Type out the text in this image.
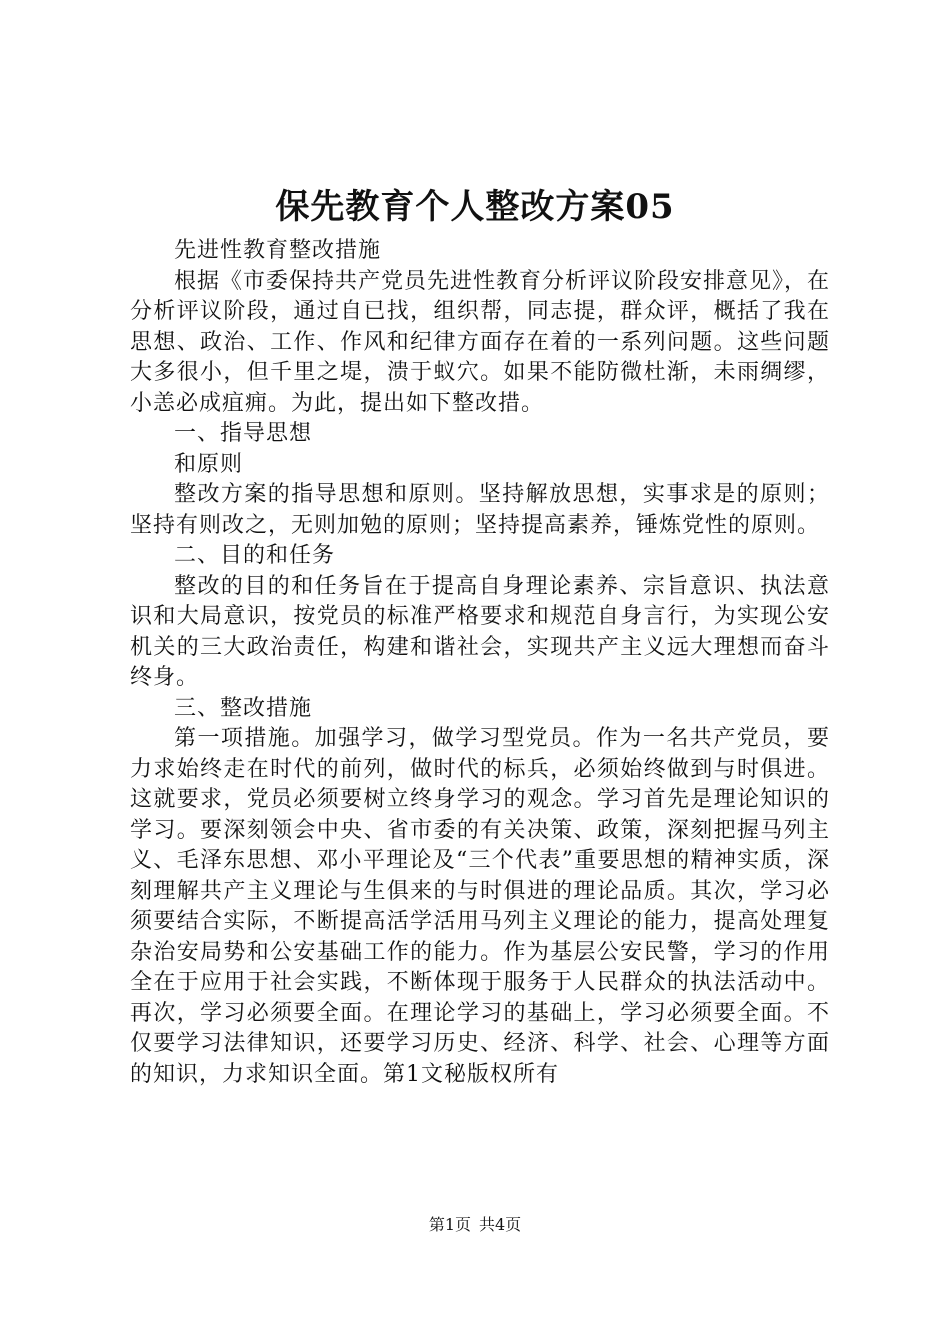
保先教育个人整改方案05

先进性教育整改措施

根据《市委保持共产党员先进性教育分析评议阶段安排意见》，在分析评议阶段，通过自已找，组织帮，同志提，群众评，概括了我在思想、政治、工作、作风和纪律方面存在着的一系列问题。这些问题大多很小，但千里之堤，溃于蚁穴。如果不能防微杜渐，未雨绸缪，小恙必成疽痈。为此，提出如下整改措。

一、指导思想

和原则

整改方案的指导思想和原则。坚持解放思想，实事求是的原则；坚持有则改之，无则加勉的原则；坚持提高素养，锤炼党性的原则。

二、目的和任务

整改的目的和任务旨在于提高自身理论素养、宗旨意识、执法意识和大局意识，按党员的标准严格要求和规范自身言行，为实现公安机关的三大政治责任，构建和谐社会，实现共产主义远大理想而奋斗终身。

三、整改措施

第一项措施。加强学习，做学习型党员。作为一名共产党员，要力求始终走在时代的前列，做时代的标兵，必须始终做到与时俱进。这就要求，党员必须要树立终身学习的观念。学习首先是理论知识的学习。要深刻领会中央、省市委的有关决策、政策，深刻把握马列主义、毛泽东思想、邓小平理论及“三个代表”重要思想的精神实质，深刻理解共产主义理论与生俱来的与时俱进的理论品质。其次，学习必须要结合实际，不断提高活学活用马列主义理论的能力，提高处理复杂治安局势和公安基础工作的能力。作为基层公安民警，学习的作用全在于应用于社会实践，不断体现于服务于人民群众的执法活动中。再次，学习必须要全面。在理论学习的基础上，学习必须要全面。不仅要学习法律知识，还要学习历史、经济、科学、社会、心理等方面的知识，力求知识全面。第1文秘版权所有

第1页 共4页
